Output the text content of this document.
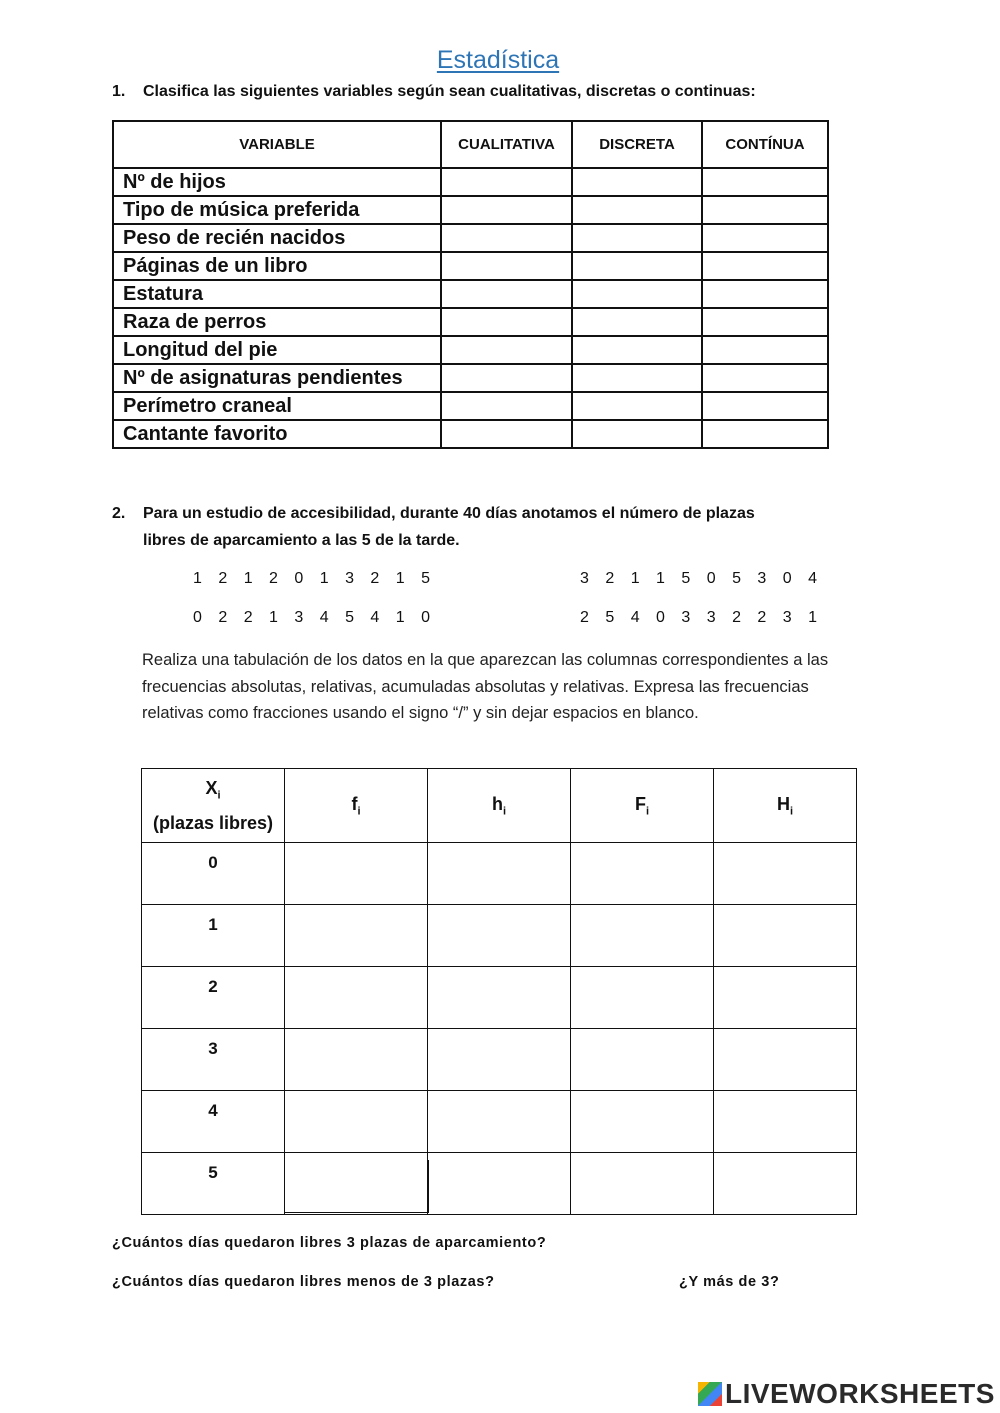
Estadística
1. Clasifica las siguientes variables según sean cualitativas, discretas o continuas:
VARIABLE	CUALITATIVA	DISCRETA	CONTÍNUA
Nº de hijos			
Tipo de música preferida			
Peso de recién nacidos			
Páginas de un libro			
Estatura			
Raza de perros			
Longitud del pie			
Nº de asignaturas pendientes			
Perímetro craneal			
Cantante favorito			
2. Para un estudio de accesibilidad, durante 40 días anotamos el número de plazas
libres de aparcamiento a las 5 de la tarde.
1 2 1 2 0 1 3 2 1 5	3 2 1 1 5 0 5 3 0 4
0 2 2 1 3 4 5 4 1 0	2 5 4 0 3 3 2 2 3 1
Realiza una tabulación de los datos en la que aparezcan las columnas correspondientes a las frecuencias absolutas, relativas, acumuladas absolutas y relativas. Expresa las frecuencias relativas como fracciones usando el signo “/” y sin dejar espacios en blanco.
$X_i$
(plazas libres)	$f_i$	$h_i$	$F_i$	$H_i$
0				
1				
2				
3				
4				
5				
¿Cuántos días quedaron libres 3 plazas de aparcamiento?
¿Cuántos días quedaron libres menos de 3 plazas?	¿Y más de 3?
LIVEWORKSHEETS
